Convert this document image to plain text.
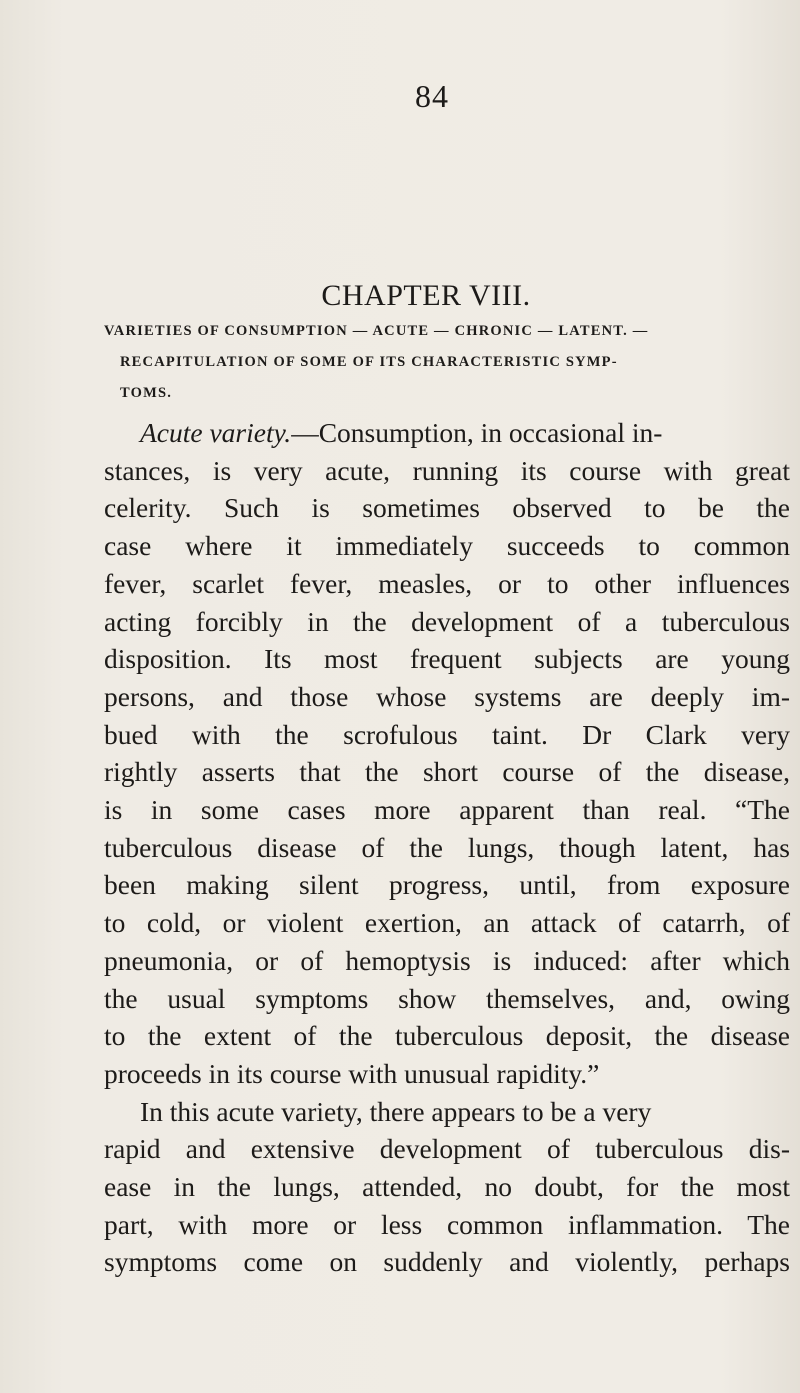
84
CHAPTER VIII.
VARIETIES OF CONSUMPTION — ACUTE — CHRONIC — LATENT. —
RECAPITULATION OF SOME OF ITS CHARACTERISTIC SYMP-
TOMS.
Acute variety.—Consumption, in occasional in-
stances, is very acute, running its course with great
celerity. Such is sometimes observed to be the
case where it immediately succeeds to common
fever, scarlet fever, measles, or to other influences
acting forcibly in the development of a tuberculous
disposition. Its most frequent subjects are young
persons, and those whose systems are deeply im-
bued with the scrofulous taint. Dr Clark very
rightly asserts that the short course of the disease,
is in some cases more apparent than real. “The
tuberculous disease of the lungs, though latent, has
been making silent progress, until, from exposure
to cold, or violent exertion, an attack of catarrh, of
pneumonia, or of hemoptysis is induced: after which
the usual symptoms show themselves, and, owing
to the extent of the tuberculous deposit, the disease
proceeds in its course with unusual rapidity.”
In this acute variety, there appears to be a very
rapid and extensive development of tuberculous dis-
ease in the lungs, attended, no doubt, for the most
part, with more or less common inflammation. The
symptoms come on suddenly and violently, perhaps
